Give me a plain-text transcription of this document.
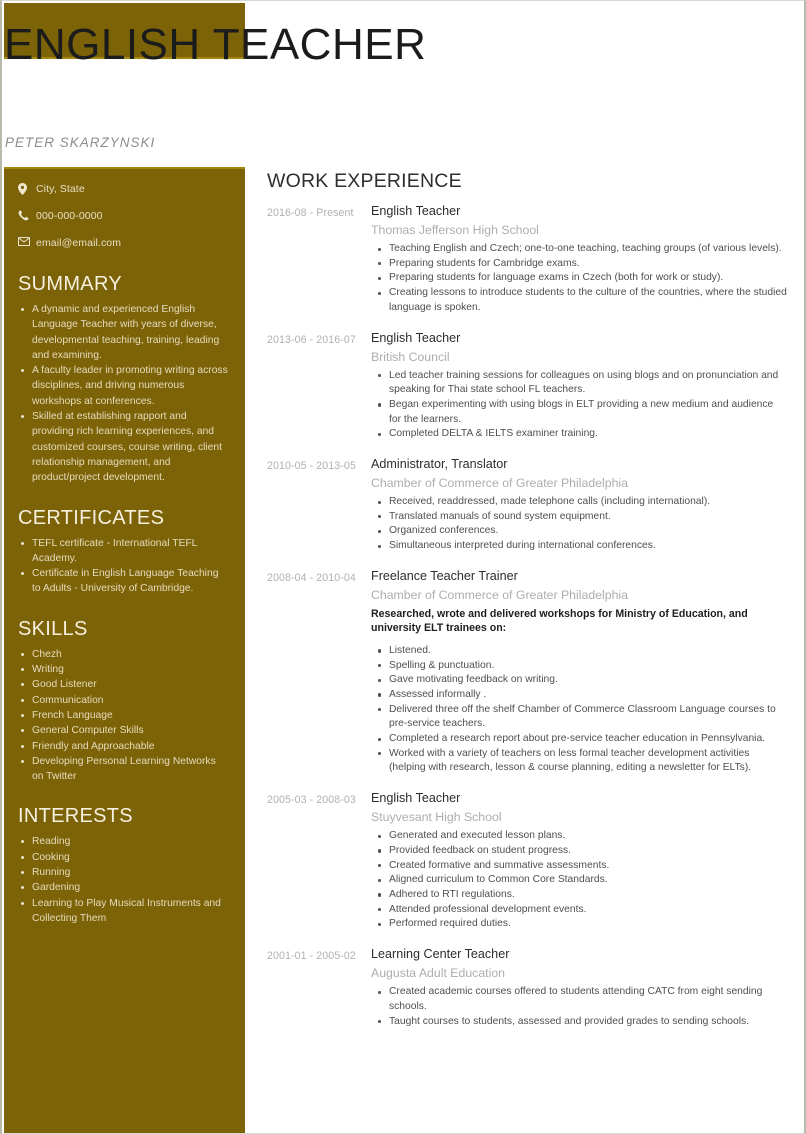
City, State
000-000-0000
email@email.com
SUMMARY
A dynamic and experienced English Language Teacher with years of diverse, developmental teaching, training, leading and examining.
A faculty leader in promoting writing across disciplines, and driving numerous workshops at conferences.
Skilled at establishing rapport and providing rich learning experiences, and customized courses, course writing, client relationship management, and product/project development.
CERTIFICATES
TEFL certificate - International TEFL Academy.
Certificate in English Language Teaching to Adults - University of Cambridge.
SKILLS
Chezh
Writing
Good Listener
Communication
French Language
General Computer Skills
Friendly and Approachable
Developing Personal Learning Networks on Twitter
INTERESTS
Reading
Cooking
Running
Gardening
Learning to Play Musical Instruments and Collecting Them
ENGLISH TEACHER
PETER SKARZYNSKI
WORK EXPERIENCE
2016-08 - Present	English Teacher
Thomas Jefferson High School
Teaching English and Czech; one-to-one teaching, teaching groups (of various levels).
Preparing students for Cambridge exams.
Preparing students for language exams in Czech (both for work or study).
Creating lessons to introduce students to the culture of the countries, where the studied language is spoken.
2013-06 - 2016-07	English Teacher
British Council
Led teacher training sessions for colleagues on using blogs and on pronunciation and speaking for Thai state school FL teachers.
Began experimenting with using blogs in ELT providing a new medium and audience for the learners.
Completed DELTA & IELTS examiner training.
2010-05 - 2013-05	Administrator, Translator
Chamber of Commerce of Greater Philadelphia
Received, readdressed, made telephone calls (including international).
Translated manuals of sound system equipment.
Organized conferences.
Simultaneous interpreted during international conferences.
2008-04 - 2010-04	Freelance Teacher Trainer
Chamber of Commerce of Greater Philadelphia
Researched, wrote and delivered workshops for Ministry of Education, and university ELT trainees on:
Listened.
Spelling & punctuation.
Gave motivating feedback on writing.
Assessed informally .
Delivered three off the shelf Chamber of Commerce Classroom Language courses to pre-service teachers.
Completed a research report about pre-service teacher education in Pennsylvania.
Worked with a variety of teachers on less formal teacher development activities (helping with research, lesson & course planning, editing a newsletter for ELTs).
2005-03 - 2008-03	English Teacher
Stuyvesant High School
Generated and executed lesson plans.
Provided feedback on student progress.
Created formative and summative assessments.
Aligned curriculum to Common Core Standards.
Adhered to RTI regulations.
Attended professional development events.
Performed required duties.
2001-01 - 2005-02	Learning Center Teacher
Augusta Adult Education
Created academic courses offered to students attending CATC from eight sending schools.
Taught courses to students, assessed and provided grades to sending schools.
